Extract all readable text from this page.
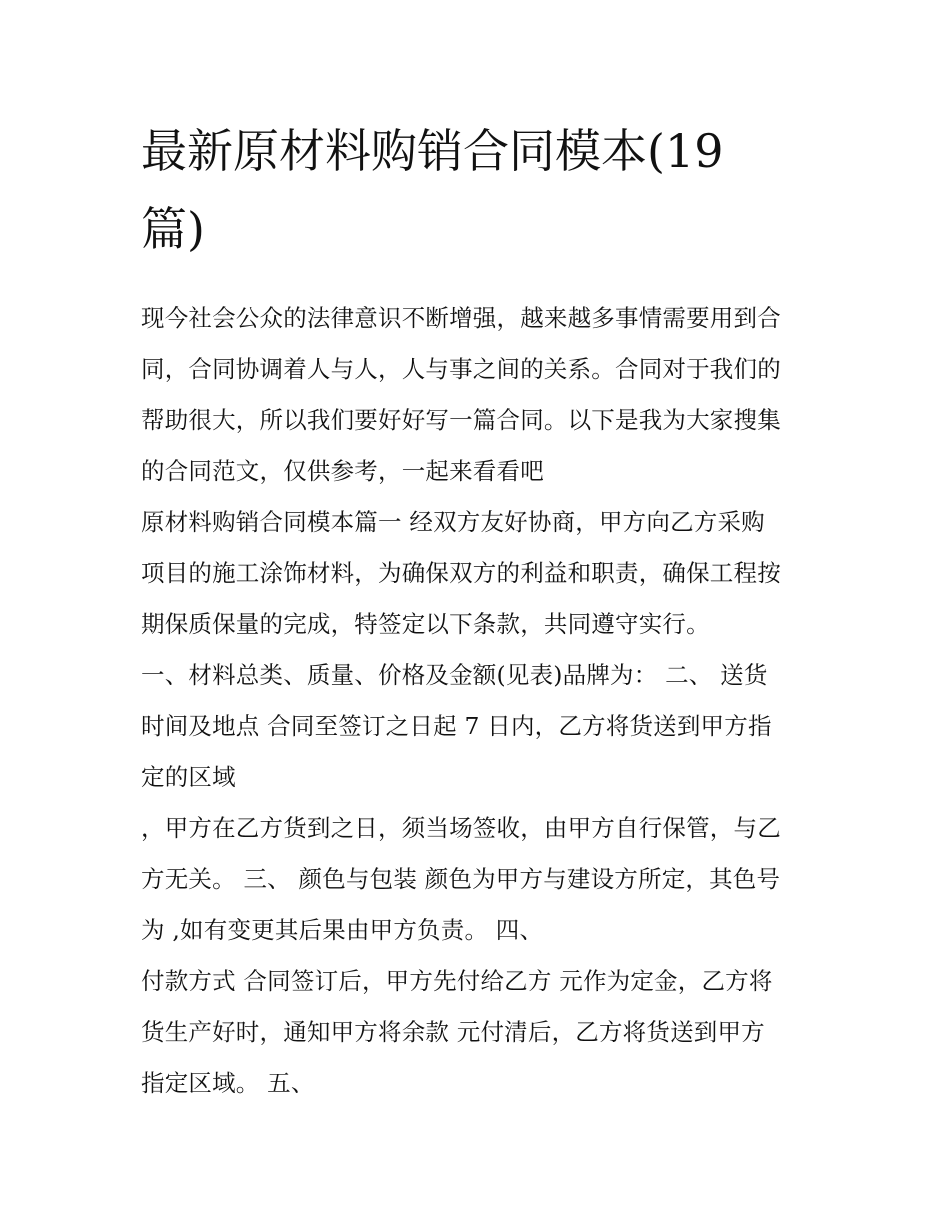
最新原材料购销合同模本(19
篇)

现今社会公众的法律意识不断增强，越来越多事情需要用到合
同，合同协调着人与人，人与事之间的关系。合同对于我们的
帮助很大，所以我们要好好写一篇合同。以下是我为大家搜集
的合同范文，仅供参考，一起来看看吧

原材料购销合同模本篇一 经双方友好协商，甲方向乙方采购
项目的施工涂饰材料，为确保双方的利益和职责，确保工程按
期保质保量的完成，特签定以下条款，共同遵守实行。

一、材料总类、质量、价格及金额(见表)品牌为： 二、 送货
时间及地点 合同至签订之日起 7 日内，乙方将货送到甲方指
定的区域

，甲方在乙方货到之日，须当场签收，由甲方自行保管，与乙
方无关。 三、 颜色与包装 颜色为甲方与建设方所定，其色号
为 ,如有变更其后果由甲方负责。 四、

付款方式 合同签订后，甲方先付给乙方 元作为定金，乙方将
货生产好时，通知甲方将余款 元付清后，乙方将货送到甲方
指定区域。 五、
